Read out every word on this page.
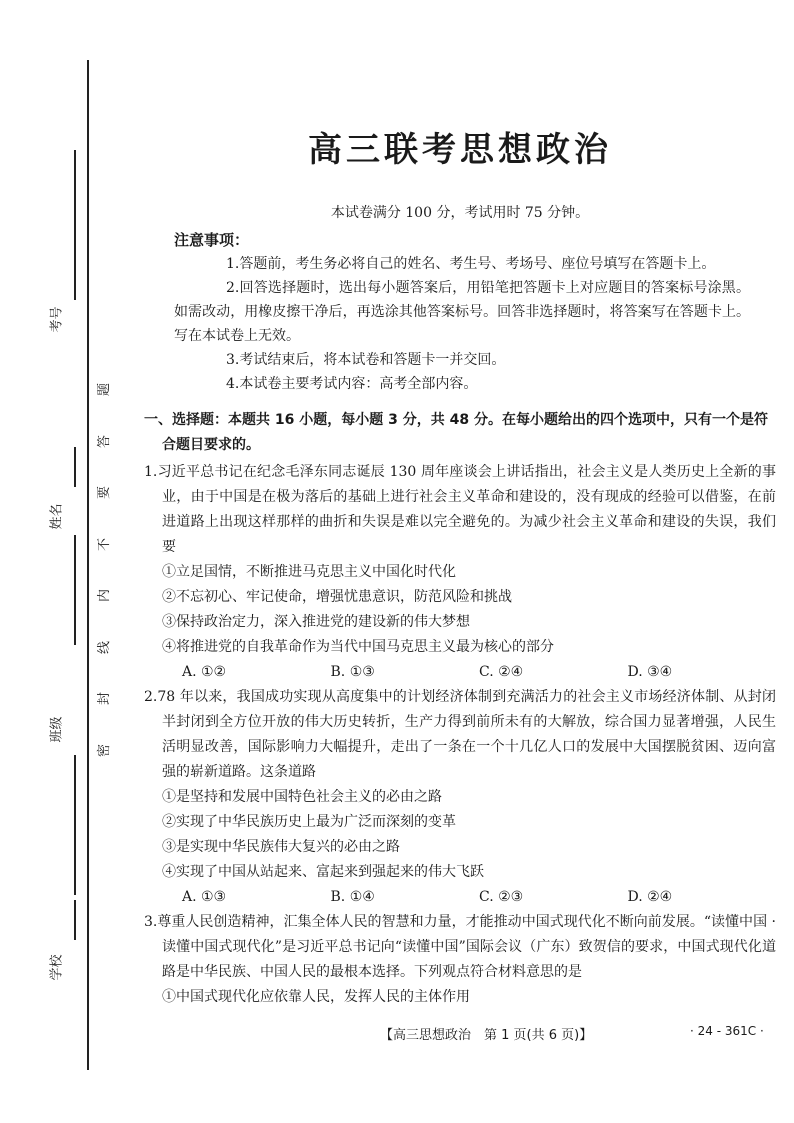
考号
姓名
班级
学校
题
答
要
不
内
线
封
密
高三联考思想政治
本试卷满分 100 分，考试用时 75 分钟。
注意事项：
1.答题前，考生务必将自己的姓名、考生号、考场号、座位号填写在答题卡上。
2.回答选择题时，选出每小题答案后，用铅笔把答题卡上对应题目的答案标号涂黑。如需改动，用橡皮擦干净后，再选涂其他答案标号。回答非选择题时，将答案写在答题卡上。写在本试卷上无效。
3.考试结束后，将本试卷和答题卡一并交回。
4.本试卷主要考试内容：高考全部内容。
一、选择题：本题共 16 小题，每小题 3 分，共 48 分。在每小题给出的四个选项中，只有一个是符合题目要求的。
1.习近平总书记在纪念毛泽东同志诞辰 130 周年座谈会上讲话指出，社会主义是人类历史上全新的事业，由于中国是在极为落后的基础上进行社会主义革命和建设的，没有现成的经验可以借鉴，在前进道路上出现这样那样的曲折和失误是难以完全避免的。为减少社会主义革命和建设的失误，我们要
①立足国情，不断推进马克思主义中国化时代化
②不忘初心、牢记使命，增强忧患意识，防范风险和挑战
③保持政治定力，深入推进党的建设新的伟大梦想
④将推进党的自我革命作为当代中国马克思主义最为核心的部分
A. ①②	B. ①③	C. ②④	D. ③④
2.78 年以来，我国成功实现从高度集中的计划经济体制到充满活力的社会主义市场经济体制、从封闭半封闭到全方位开放的伟大历史转折，生产力得到前所未有的大解放，综合国力显著增强，人民生活明显改善，国际影响力大幅提升，走出了一条在一个十几亿人口的发展中大国摆脱贫困、迈向富强的崭新道路。这条道路
①是坚持和发展中国特色社会主义的必由之路
②实现了中华民族历史上最为广泛而深刻的变革
③是实现中华民族伟大复兴的必由之路
④实现了中国从站起来、富起来到强起来的伟大飞跃
A. ①③	B. ①④	C. ②③	D. ②④
3.尊重人民创造精神，汇集全体人民的智慧和力量，才能推动中国式现代化不断向前发展。“读懂中国 · 读懂中国式现代化”是习近平总书记向“读懂中国”国际会议（广东）致贺信的要求，中国式现代化道路是中华民族、中国人民的最根本选择。下列观点符合材料意思的是
①中国式现代化应依靠人民，发挥人民的主体作用
【高三思想政治　第 1 页(共 6 页)】	· 24 - 361C ·
